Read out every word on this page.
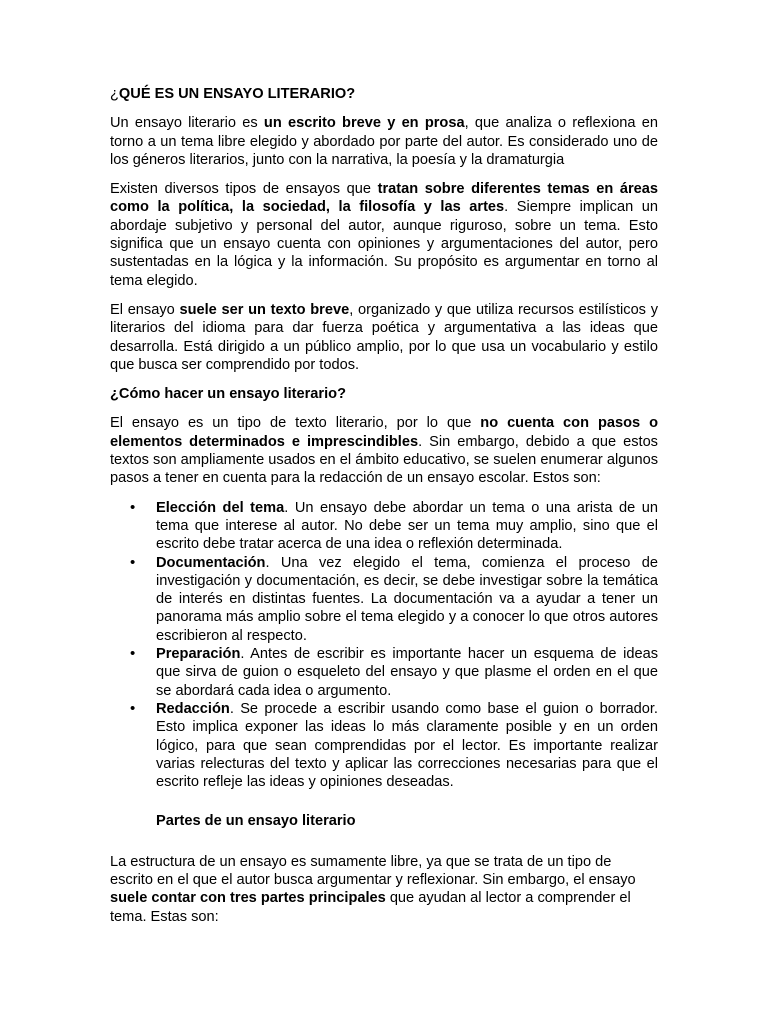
¿QUÉ ES UN ENSAYO LITERARIO?

Un ensayo literario es un escrito breve y en prosa, que analiza o reflexiona en torno a un tema libre elegido y abordado por parte del autor. Es considerado uno de los géneros literarios, junto con la narrativa, la poesía y la dramaturgia

Existen diversos tipos de ensayos que tratan sobre diferentes temas en áreas como la política, la sociedad, la filosofía y las artes. Siempre implican un abordaje subjetivo y personal del autor, aunque riguroso, sobre un tema. Esto significa que un ensayo cuenta con opiniones y argumentaciones del autor, pero sustentadas en la lógica y la información. Su propósito es argumentar en torno al tema elegido.

El ensayo suele ser un texto breve, organizado y que utiliza recursos estilísticos y literarios del idioma para dar fuerza poética y argumentativa a las ideas que desarrolla. Está dirigido a un público amplio, por lo que usa un vocabulario y estilo que busca ser comprendido por todos.

¿Cómo hacer un ensayo literario?

El ensayo es un tipo de texto literario, por lo que no cuenta con pasos o elementos determinados e imprescindibles. Sin embargo, debido a que estos textos son ampliamente usados en el ámbito educativo, se suelen enumerar algunos pasos a tener en cuenta para la redacción de un ensayo escolar. Estos son:

• Elección del tema. Un ensayo debe abordar un tema o una arista de un tema que interese al autor. No debe ser un tema muy amplio, sino que el escrito debe tratar acerca de una idea o reflexión determinada.
• Documentación. Una vez elegido el tema, comienza el proceso de investigación y documentación, es decir, se debe investigar sobre la temática de interés en distintas fuentes. La documentación va a ayudar a tener un panorama más amplio sobre el tema elegido y a conocer lo que otros autores escribieron al respecto.
• Preparación. Antes de escribir es importante hacer un esquema de ideas que sirva de guion o esqueleto del ensayo y que plasme el orden en el que se abordará cada idea o argumento.
• Redacción. Se procede a escribir usando como base el guion o borrador. Esto implica exponer las ideas lo más claramente posible y en un orden lógico, para que sean comprendidas por el lector. Es importante realizar varias relecturas del texto y aplicar las correcciones necesarias para que el escrito refleje las ideas y opiniones deseadas.
Partes de un ensayo literario

La estructura de un ensayo es sumamente libre, ya que se trata de un tipo de escrito en el que el autor busca argumentar y reflexionar. Sin embargo, el ensayo suele contar con tres partes principales que ayudan al lector a comprender el tema. Estas son:
